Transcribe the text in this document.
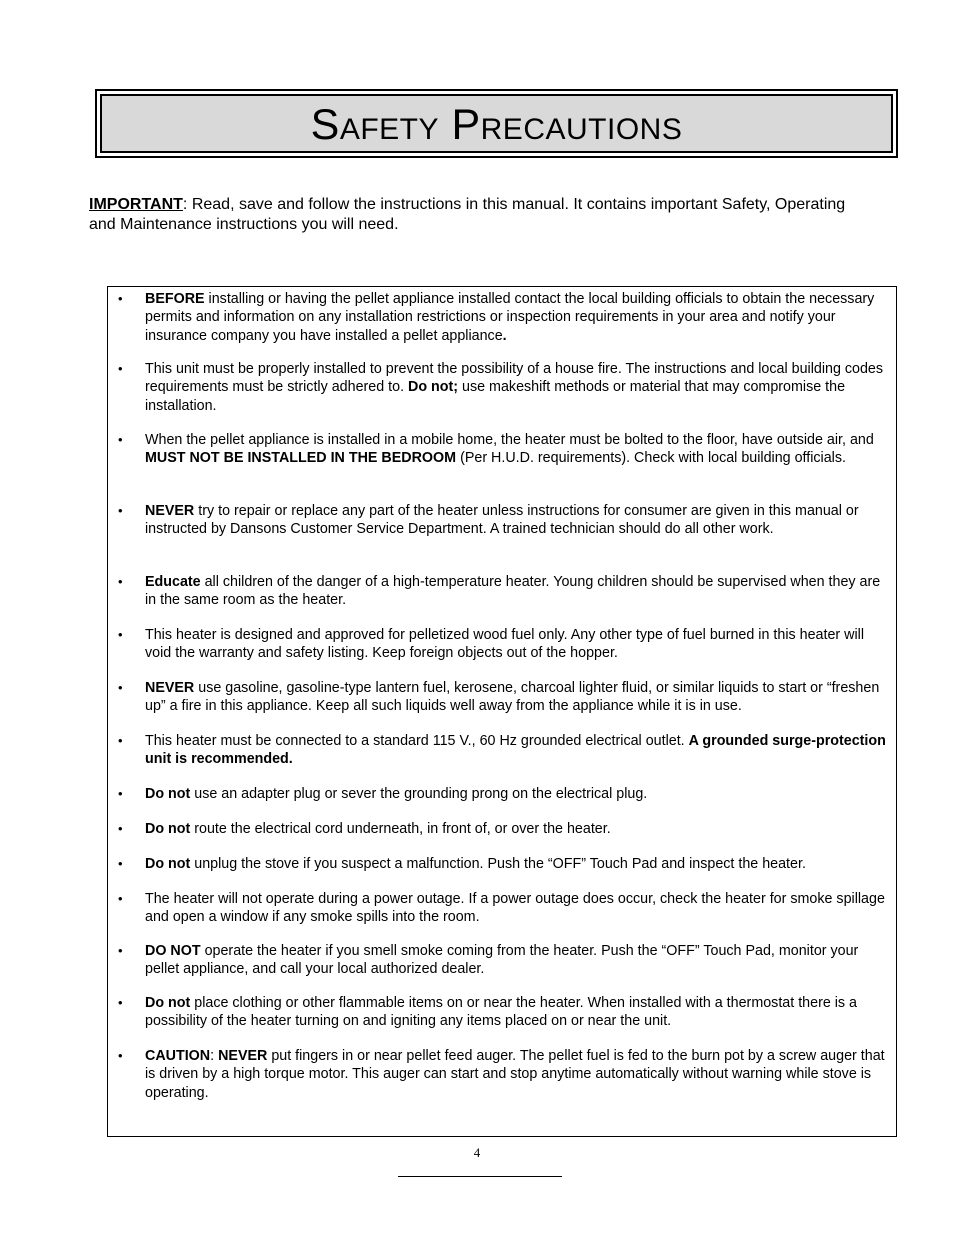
Safety Precautions
IMPORTANT: Read, save and follow the instructions in this manual. It contains important Safety, Operating and Maintenance instructions you will need.
• BEFORE installing or having the pellet appliance installed contact the local building officials to obtain the necessary permits and information on any installation restrictions or inspection requirements in your area and notify your insurance company you have installed a pellet appliance.
• This unit must be properly installed to prevent the possibility of a house fire. The instructions and local building codes requirements must be strictly adhered to. Do not; use makeshift methods or material that may compromise the installation.
• When the pellet appliance is installed in a mobile home, the heater must be bolted to the floor, have outside air, and MUST NOT BE INSTALLED IN THE BEDROOM (Per H.U.D. requirements). Check with local building officials.
• NEVER try to repair or replace any part of the heater unless instructions for consumer are given in this manual or instructed by Dansons Customer Service Department. A trained technician should do all other work.
• Educate all children of the danger of a high-temperature heater. Young children should be supervised when they are in the same room as the heater.
• This heater is designed and approved for pelletized wood fuel only. Any other type of fuel burned in this heater will void the warranty and safety listing. Keep foreign objects out of the hopper.
• NEVER use gasoline, gasoline-type lantern fuel, kerosene, charcoal lighter fluid, or similar liquids to start or “freshen up” a fire in this appliance. Keep all such liquids well away from the appliance while it is in use.
• This heater must be connected to a standard 115 V., 60 Hz grounded electrical outlet. A grounded surge-protection unit is recommended.
• Do not use an adapter plug or sever the grounding prong on the electrical plug.
• Do not route the electrical cord underneath, in front of, or over the heater.
• Do not unplug the stove if you suspect a malfunction. Push the “OFF” Touch Pad and inspect the heater.
• The heater will not operate during a power outage. If a power outage does occur, check the heater for smoke spillage and open a window if any smoke spills into the room.
• DO NOT operate the heater if you smell smoke coming from the heater. Push the “OFF” Touch Pad, monitor your pellet appliance, and call your local authorized dealer.
• Do not place clothing or other flammable items on or near the heater. When installed with a thermostat there is a possibility of the heater turning on and igniting any items placed on or near the unit.
• CAUTION: NEVER put fingers in or near pellet feed auger. The pellet fuel is fed to the burn pot by a screw auger that is driven by a high torque motor. This auger can start and stop anytime automatically without warning while stove is operating.
4
